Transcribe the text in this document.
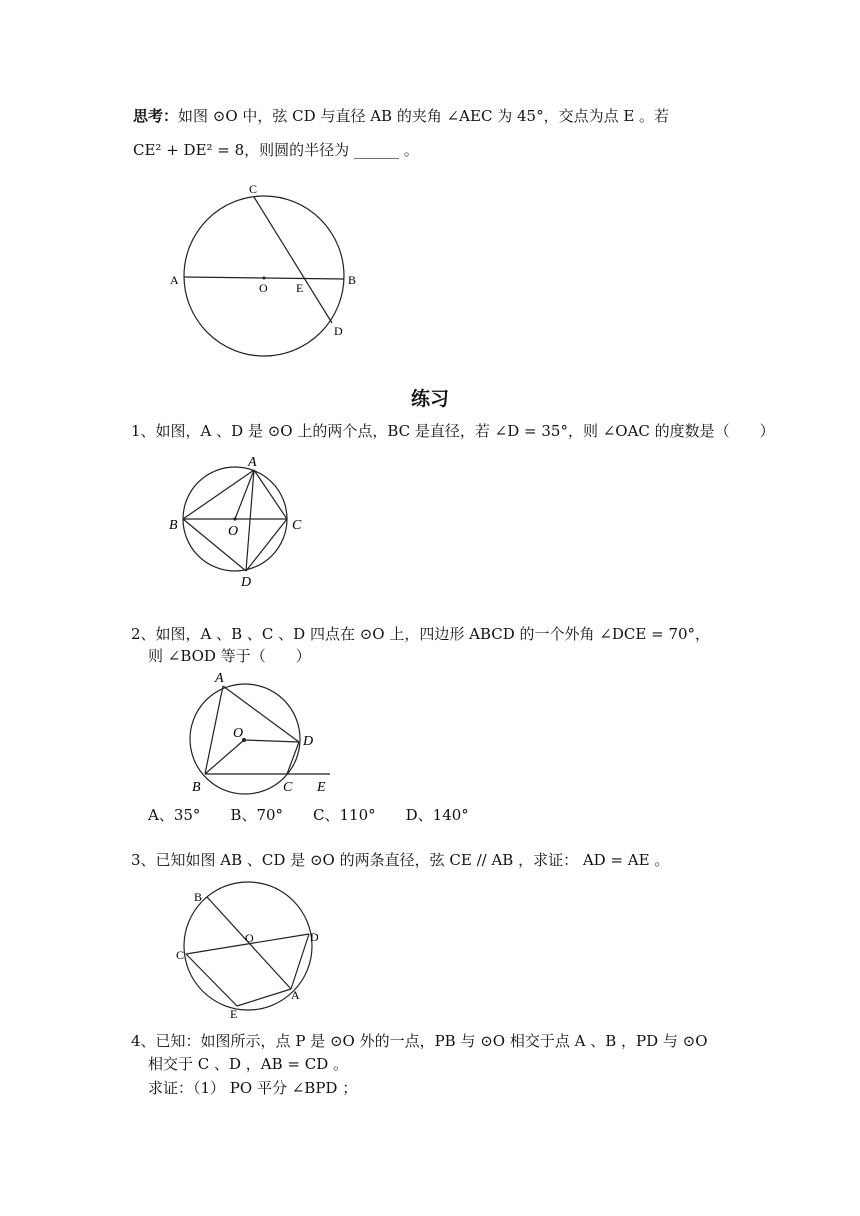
思考：如图 ⊙O 中，弦 CD 与直径 AB 的夹角 ∠AEC 为 45°，交点为点 E 。若
CE² + DE² = 8，则圆的半径为 ______ 。
C
A
O E
B
D
练习
1、如图，A 、D 是 ⊙O 上的两个点，BC 是直径，若 ∠D = 35°，则 ∠OAC 的度数是（　　）
A
B	O	C
D
2、如图，A 、B 、C 、D 四点在 ⊙O 上，四边形 ABCD 的一个外角 ∠DCE = 70°，
则 ∠BOD 等于（　　）
A
O
D
B	C E
A、35°　　B、70°　　C、110°　　D、140°
3、已知如图 AB 、CD 是 ⊙O 的两条直径，弦 CE // AB ，求证： AD = AE 。
B
O	D
C
A
E
4、已知：如图所示，点 P 是 ⊙O 外的一点，PB 与 ⊙O 相交于点 A 、B ，PD 与 ⊙O
相交于 C 、D ，AB = CD 。
求证：（1） PO 平分 ∠BPD ；
